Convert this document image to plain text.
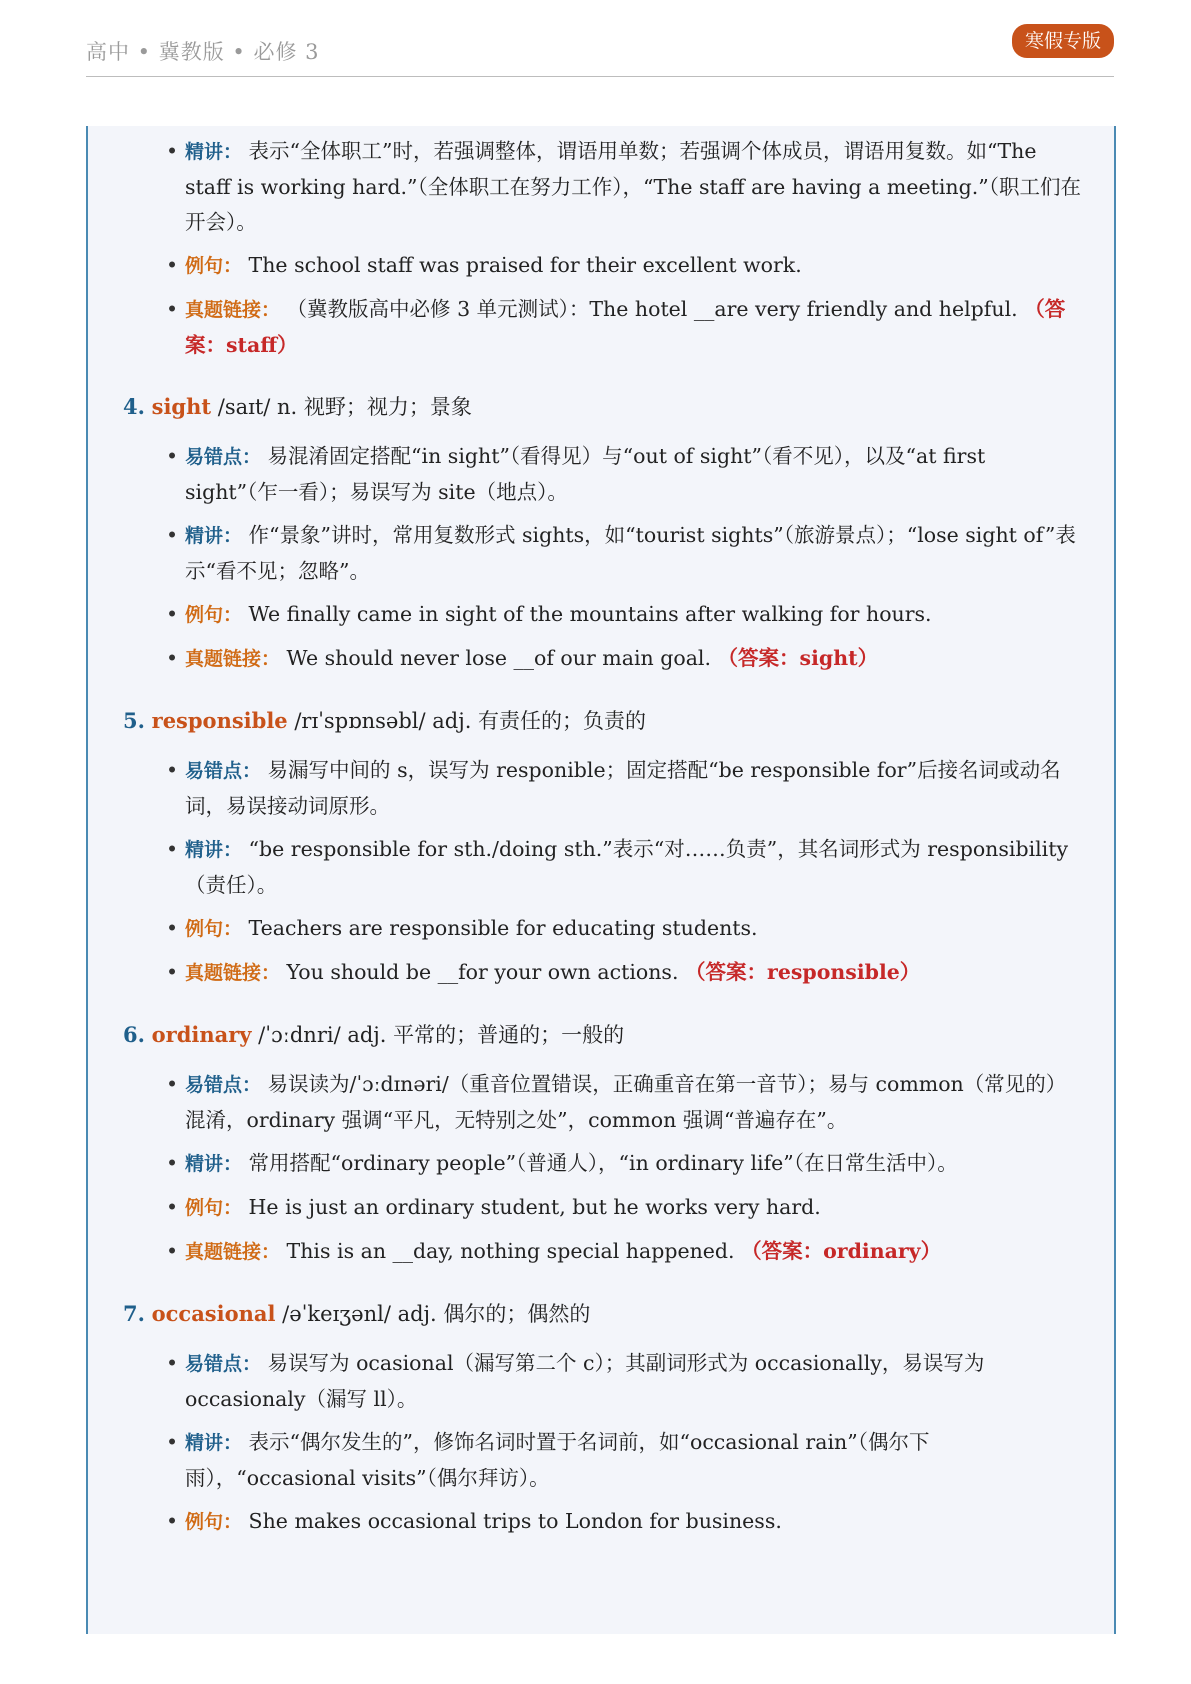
高中 • 冀教版 • 必修 3	寒假专版
• 精讲： 表示“全体职工”时，若强调整体，谓语用单数；若强调个体成员，谓语用复数。如“The staff is working hard.”（全体职工在努力工作），“The staff are having a meeting.”（职工们在开会）。
• 例句： The school staff was praised for their excellent work.
• 真题链接： （冀教版高中必修 3 单元测试）：The hotel __are very friendly and helpful. （答案：staff）
4. sight /saɪt/ n. 视野；视力；景象
• 易错点： 易混淆固定搭配“in sight”（看得见）与“out of sight”（看不见），以及“at first sight”（乍一看）；易误写为 site（地点）。
• 精讲： 作“景象”讲时，常用复数形式 sights，如“tourist sights”（旅游景点）；“lose sight of”表示“看不见；忽略”。
• 例句： We finally came in sight of the mountains after walking for hours.
• 真题链接： We should never lose __of our main goal. （答案：sight）
5. responsible /rɪˈspɒnsəbl/ adj. 有责任的；负责的
• 易错点： 易漏写中间的 s，误写为 responible；固定搭配“be responsible for”后接名词或动名词，易误接动词原形。
• 精讲： “be responsible for sth./doing sth.”表示“对……负责”，其名词形式为 responsibility（责任）。
• 例句： Teachers are responsible for educating students.
• 真题链接： You should be __for your own actions. （答案：responsible）
6. ordinary /ˈɔːdnri/ adj. 平常的；普通的；一般的
• 易错点： 易误读为/ˈɔːdɪnəri/（重音位置错误，正确重音在第一音节）；易与 common（常见的）混淆，ordinary 强调“平凡，无特别之处”，common 强调“普遍存在”。
• 精讲： 常用搭配“ordinary people”（普通人），“in ordinary life”（在日常生活中）。
• 例句： He is just an ordinary student, but he works very hard.
• 真题链接： This is an __day, nothing special happened. （答案：ordinary）
7. occasional /əˈkeɪʒənl/ adj. 偶尔的；偶然的
• 易错点： 易误写为 ocasional（漏写第二个 c）；其副词形式为 occasionally，易误写为 occasionaly（漏写 ll）。
• 精讲： 表示“偶尔发生的”，修饰名词时置于名词前，如“occasional rain”（偶尔下雨），“occasional visits”（偶尔拜访）。
• 例句： She makes occasional trips to London for business.
